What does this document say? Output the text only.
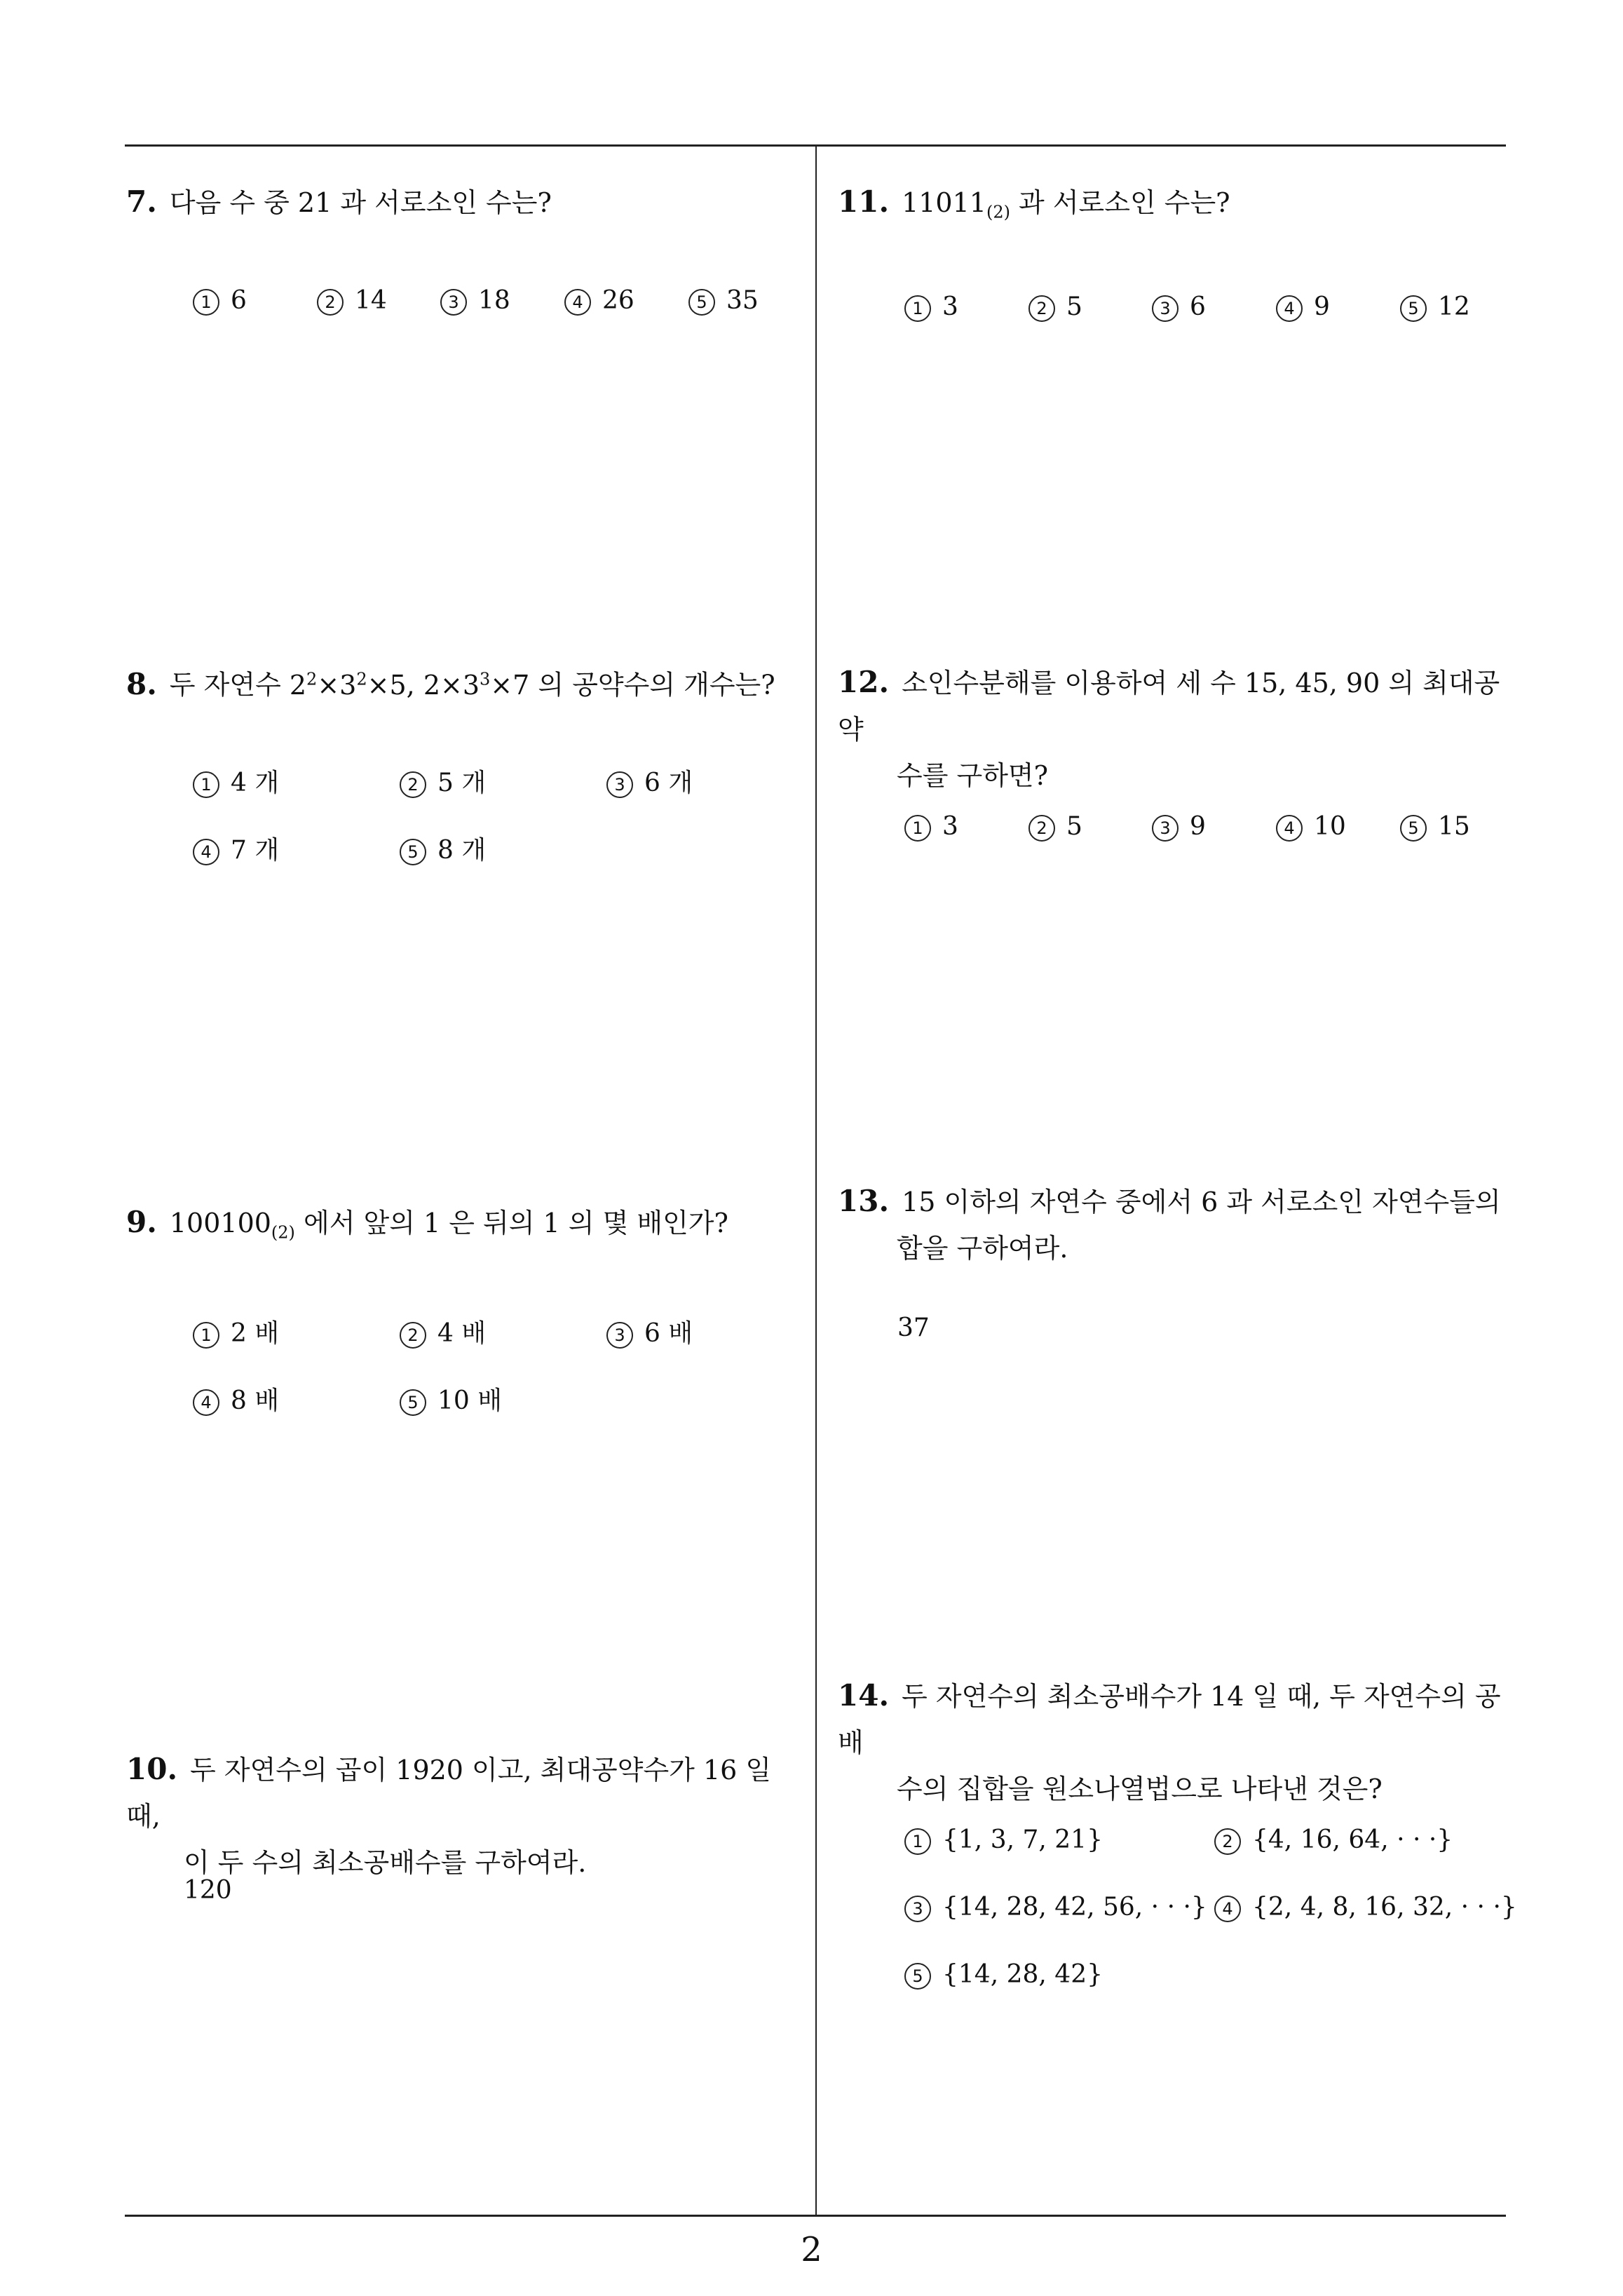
7. 다음 수 중 21 과 서로소인 수는?

1 6	2 14	3 18	4 26	5 35

8. 두 자연수 $2^2\times 3^2\times 5$, $2\times 3^3\times 7$ 의 공약수의 개수는?

1 4 개	2 5 개	3 6 개
4 7 개	5 8 개

9. $100100_{(2)}$ 에서 앞의 1 은 뒤의 1 의 몇 배인가?

1 2 배	2 4 배	3 6 배
4 8 배	5 10 배

10. 두 자연수의 곱이 1920 이고, 최대공약수가 16 일 때,

이 두 수의 최소공배수를 구하여라.

120

11. $11011_{(2)}$ 과 서로소인 수는?

1 3	2 5	3 6	4 9	5 12

12. 소인수분해를 이용하여 세 수 15, 45, 90 의 최대공약

수를 구하면?

1 3	2 5	3 9	4 10	5 15

13. 15 이하의 자연수 중에서 6 과 서로소인 자연수들의

합을 구하여라.

37

14. 두 자연수의 최소공배수가 14 일 때, 두 자연수의 공배

수의 집합을 원소나열법으로 나타낸 것은?

1 {1, 3, 7, 21}	2 {4, 16, 64, · · ·}
3 {14, 28, 42, 56, · · ·} 4 {2, 4, 8, 16, 32, · · ·}
5 {14, 28, 42}
2
